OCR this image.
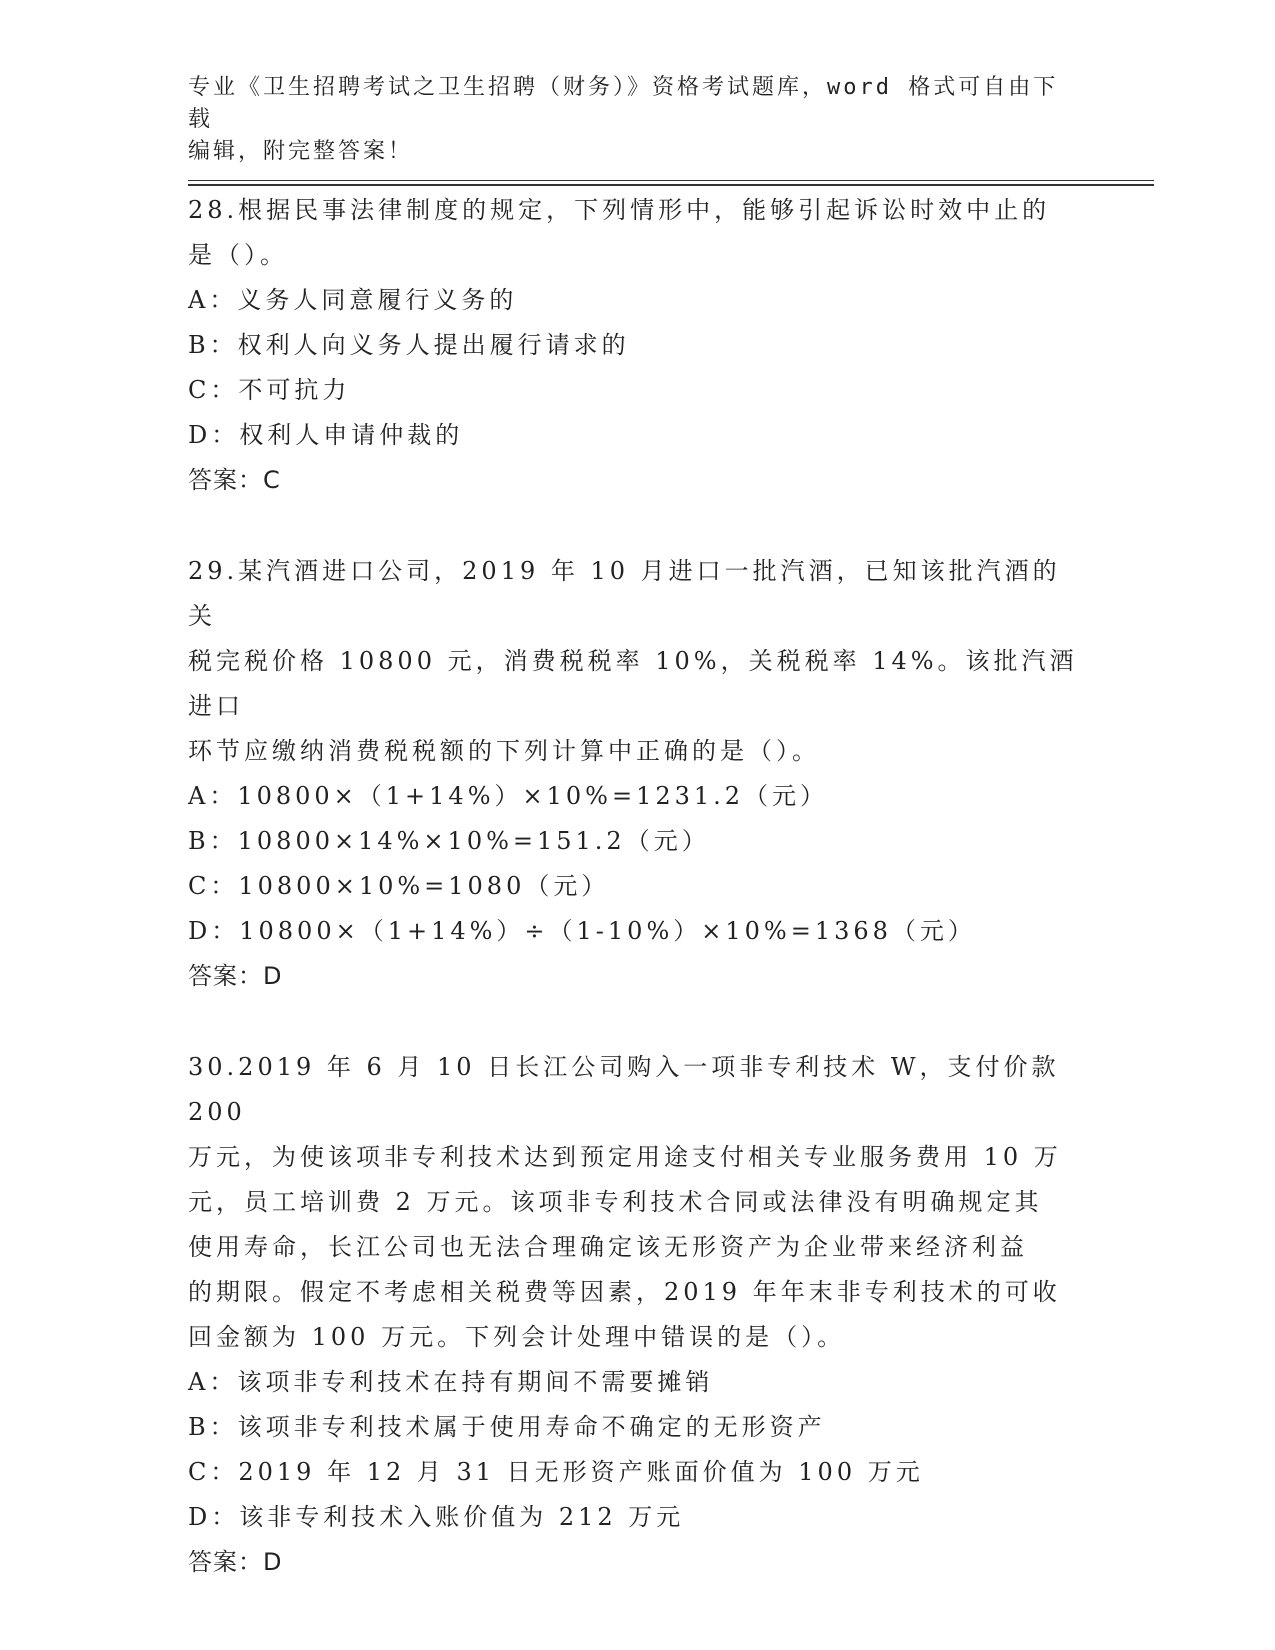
专业《卫生招聘考试之卫生招聘（财务）》资格考试题库，word 格式可自由下载
编辑，附完整答案！

28.根据民事法律制度的规定，下列情形中，能够引起诉讼时效中止的

是（）。

A：义务人同意履行义务的

B：权利人向义务人提出履行请求的

C：不可抗力

D：权利人申请仲裁的

答案：C

29.某汽酒进口公司，2019 年 10 月进口一批汽酒，已知该批汽酒的关

税完税价格 10800 元，消费税税率 10%，关税税率 14%。该批汽酒进口

环节应缴纳消费税税额的下列计算中正确的是（）。

A：10800×（1+14%）×10%=1231.2（元）

B：10800×14%×10%=151.2（元）

C：10800×10%=1080（元）

D：10800×（1+14%）÷（1-10%）×10%=1368（元）

答案：D

30.2019 年 6 月 10 日长江公司购入一项非专利技术 W，支付价款 200

万元，为使该项非专利技术达到预定用途支付相关专业服务费用 10 万

元，员工培训费 2 万元。该项非专利技术合同或法律没有明确规定其

使用寿命，长江公司也无法合理确定该无形资产为企业带来经济利益

的期限。假定不考虑相关税费等因素，2019 年年末非专利技术的可收

回金额为 100 万元。下列会计处理中错误的是（）。

A：该项非专利技术在持有期间不需要摊销

B：该项非专利技术属于使用寿命不确定的无形资产

C：2019 年 12 月 31 日无形资产账面价值为 100 万元

D：该非专利技术入账价值为 212 万元

答案：D
